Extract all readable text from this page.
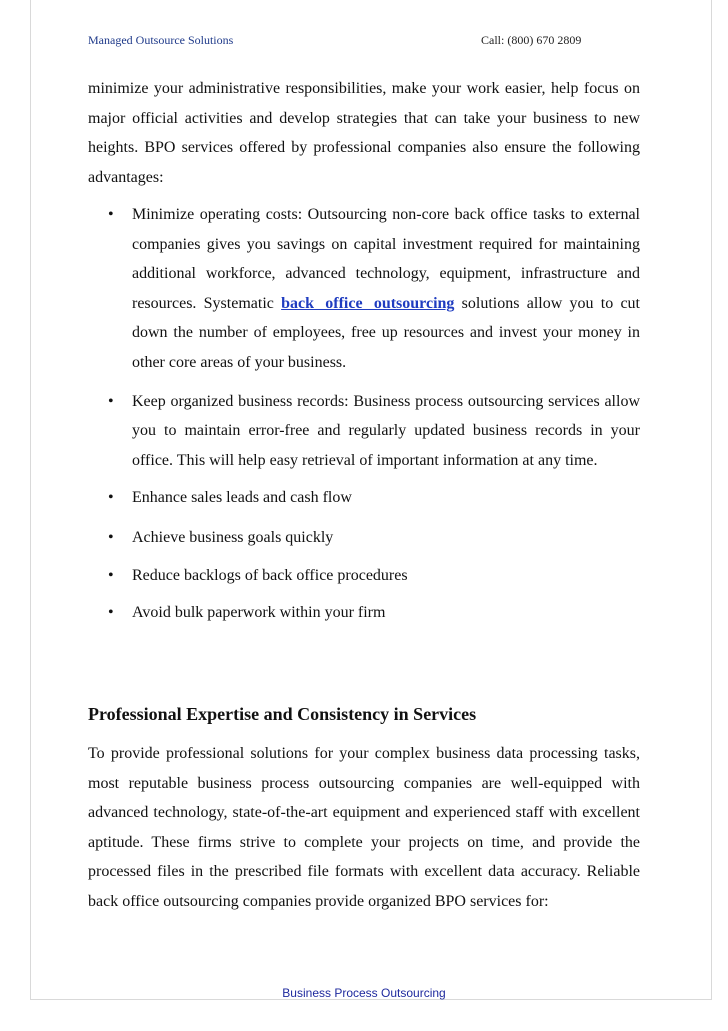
Managed Outsource Solutions	Call: (800) 670 2809

minimize your administrative responsibilities, make your work easier, help focus on major official activities and develop strategies that can take your business to new heights. BPO services offered by professional companies also ensure the following advantages:

• Minimize operating costs: Outsourcing non-core back office tasks to external companies gives you savings on capital investment required for maintaining additional workforce, advanced technology, equipment, infrastructure and resources. Systematic back office outsourcing solutions allow you to cut down the number of employees, free up resources and invest your money in other core areas of your business.
• Keep organized business records: Business process outsourcing services allow you to maintain error-free and regularly updated business records in your office. This will help easy retrieval of important information at any time.
• Enhance sales leads and cash flow
• Achieve business goals quickly
• Reduce backlogs of back office procedures
• Avoid bulk paperwork within your firm
Professional Expertise and Consistency in Services

To provide professional solutions for your complex business data processing tasks, most reputable business process outsourcing companies are well-equipped with advanced technology, state-of-the-art equipment and experienced staff with excellent aptitude. These firms strive to complete your projects on time, and provide the processed files in the prescribed file formats with excellent data accuracy. Reliable back office outsourcing companies provide organized BPO services for:

Business Process Outsourcing
